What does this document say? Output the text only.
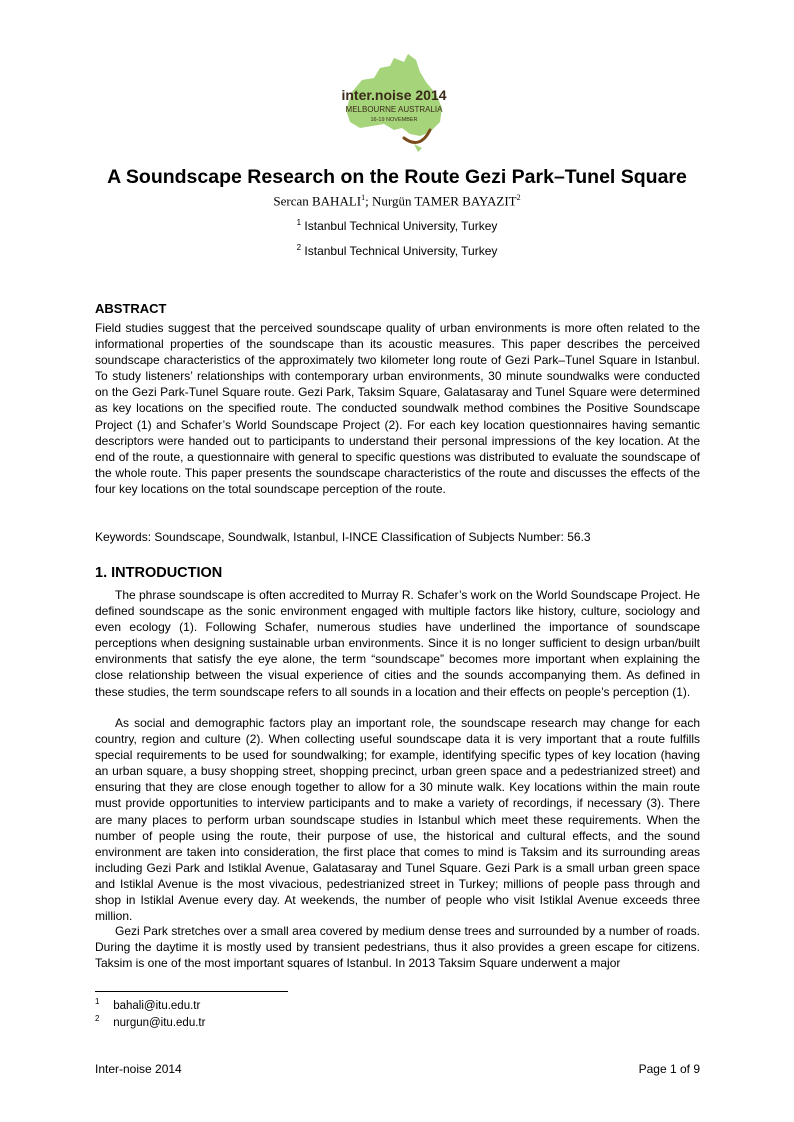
inter.noise 2014
MELBOURNE AUSTRALIA
16-19 NOVEMBER
A Soundscape Research on the Route Gezi Park–Tunel Square
Sercan BAHALI$^1$; Nurgün TAMER BAYAZIT$^2$
$^1$ Istanbul Technical University, Turkey
$^2$ Istanbul Technical University, Turkey
ABSTRACT

Field studies suggest that the perceived soundscape quality of urban environments is more often related to the informational properties of the soundscape than its acoustic measures. This paper describes the perceived soundscape characteristics of the approximately two kilometer long route of Gezi Park–Tunel Square in Istanbul. To study listeners’ relationships with contemporary urban environments, 30 minute soundwalks were conducted on the Gezi Park-Tunel Square route. Gezi Park, Taksim Square, Galatasaray and Tunel Square were determined as key locations on the specified route. The conducted soundwalk method combines the Positive Soundscape Project (1) and Schafer’s World Soundscape Project (2). For each key location questionnaires having semantic descriptors were handed out to participants to understand their personal impressions of the key location. At the end of the route, a questionnaire with general to specific questions was distributed to evaluate the soundscape of the whole route. This paper presents the soundscape characteristics of the route and discusses the effects of the four key locations on the total soundscape perception of the route.

Keywords: Soundscape, Soundwalk, Istanbul, I-INCE Classification of Subjects Number: 56.3

1. INTRODUCTION

The phrase soundscape is often accredited to Murray R. Schafer’s work on the World Soundscape Project. He defined soundscape as the sonic environment engaged with multiple factors like history, culture, sociology and even ecology (1). Following Schafer, numerous studies have underlined the importance of soundscape perceptions when designing sustainable urban environments. Since it is no longer sufficient to design urban/built environments that satisfy the eye alone, the term “soundscape” becomes more important when explaining the close relationship between the visual experience of cities and the sounds accompanying them. As defined in these studies, the term soundscape refers to all sounds in a location and their effects on people’s perception (1).

As social and demographic factors play an important role, the soundscape research may change for each country, region and culture (2). When collecting useful soundscape data it is very important that a route fulfills special requirements to be used for soundwalking; for example, identifying specific types of key location (having an urban square, a busy shopping street, shopping precinct, urban green space and a pedestrianized street) and ensuring that they are close enough together to allow for a 30 minute walk. Key locations within the main route must provide opportunities to interview participants and to make a variety of recordings, if necessary (3). There are many places to perform urban soundscape studies in Istanbul which meet these requirements. When the number of people using the route, their purpose of use, the historical and cultural effects, and the sound environment are taken into consideration, the first place that comes to mind is Taksim and its surrounding areas including Gezi Park and Istiklal Avenue, Galatasaray and Tunel Square. Gezi Park is a small urban green space and Istiklal Avenue is the most vivacious, pedestrianized street in Turkey; millions of people pass through and shop in Istiklal Avenue every day. At weekends, the number of people who visit Istiklal Avenue exceeds three million.

Gezi Park stretches over a small area covered by medium dense trees and surrounded by a number of roads. During the daytime it is mostly used by transient pedestrians, thus it also provides a green escape for citizens. Taksim is one of the most important squares of Istanbul. In 2013 Taksim Square underwent a major

$^1$ bahali@itu.edu.tr
$^2$ nurgun@itu.edu.tr
Inter-noise 2014	Page 1 of 9
